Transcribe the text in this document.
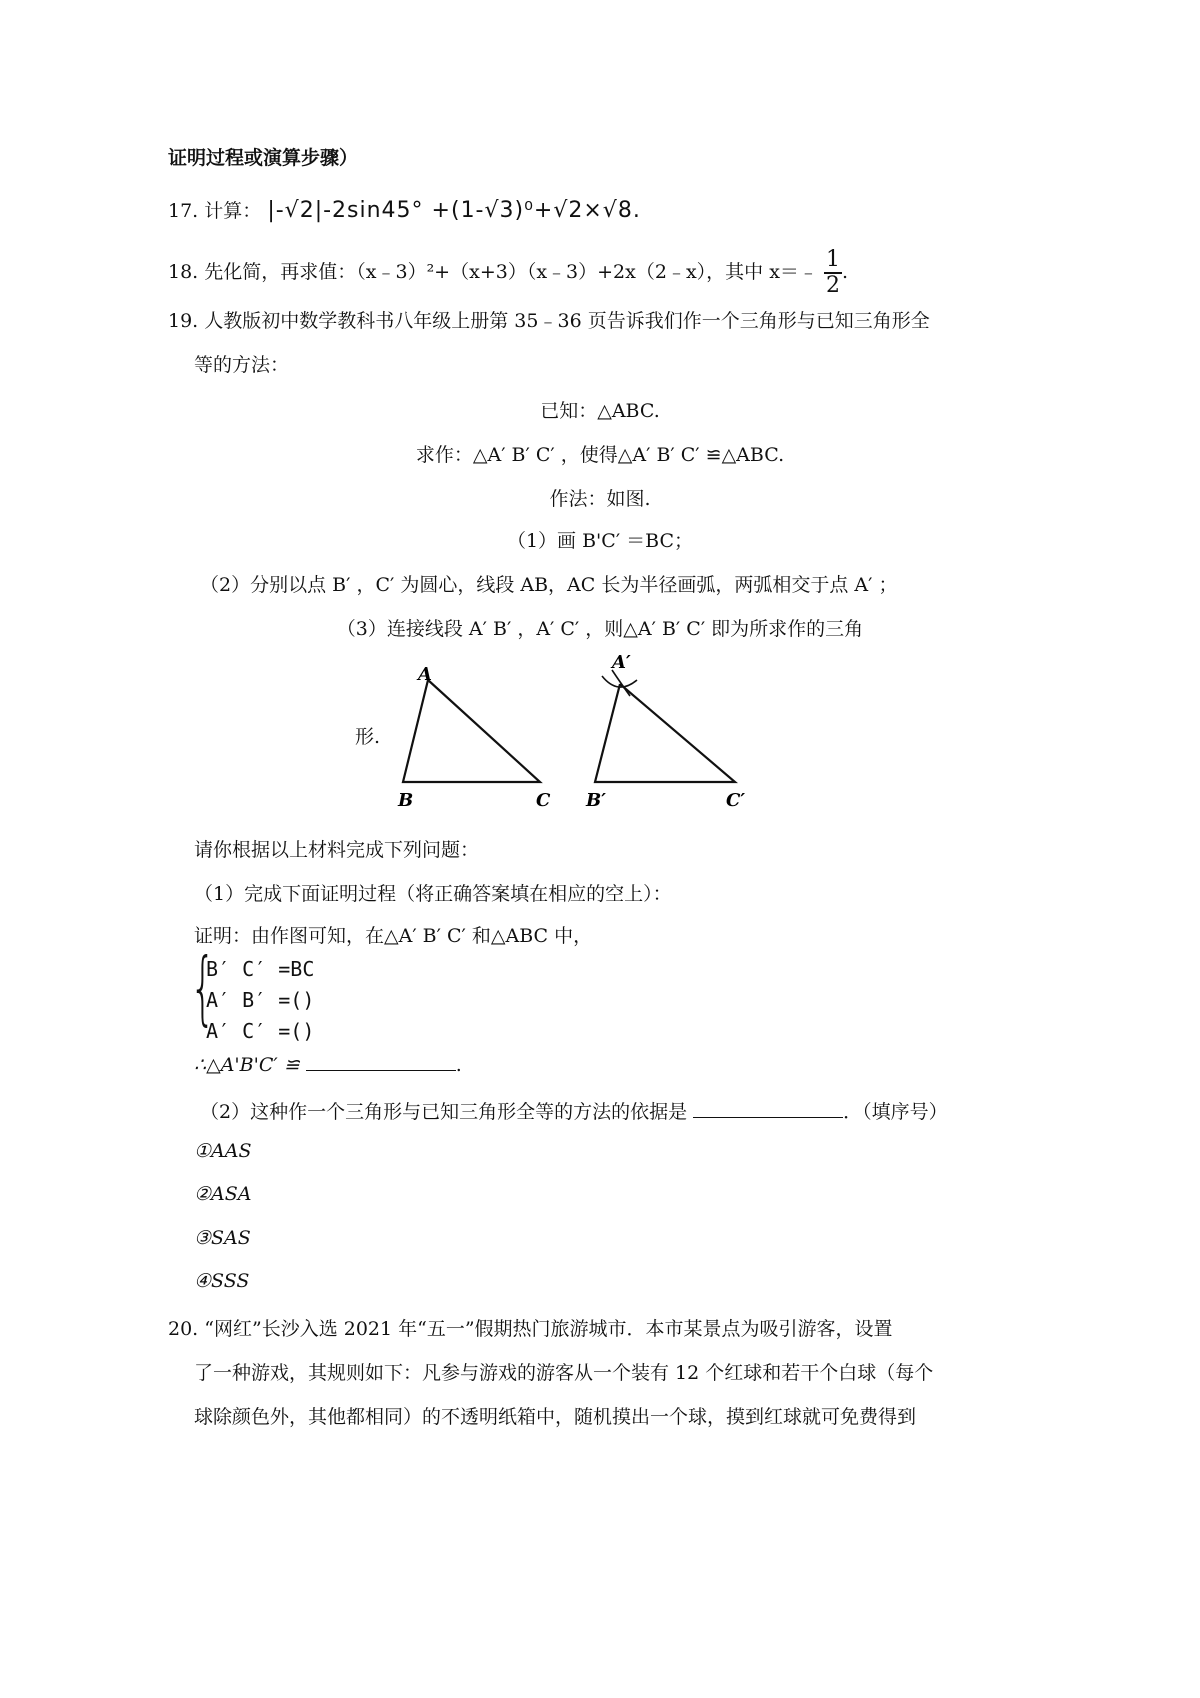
证明过程或演算步骤）
17. 计算： |-√2|-2sin45° +(1-√3)⁰+√2×√8.
18. 先化简，再求值：（x﹣3）²+（x+3）（x﹣3）+2x（2﹣x），其中 x＝﹣ $\frac{1}{2}$ .
19. 人教版初中数学教科书八年级上册第 35﹣36 页告诉我们作一个三角形与已知三角形全
等的方法：
已知：△ABC.
求作：△A′ B′ C′ ，使得△A′ B′ C′ ≌△ABC.
作法：如图.
（1）画 B'C′ ＝BC；
（2）分别以点 B′ ，C′ 为圆心，线段 AB，AC 长为半径画弧，两弧相交于点 A′ ；
（3）连接线段 A′ B′ ，A′ C′ ，则△A′ B′ C′ 即为所求作的三角
形.
A
B	C
A′
B′	C′
请你根据以上材料完成下列问题：
（1）完成下面证明过程（将正确答案填在相应的空上）：
证明：由作图可知，在△A′ B′ C′ 和△ABC 中，
{
B′ C′ =BC
A′ B′ =()
A′ C′ =()
∴△A'B'C′ ≌	.
（2）这种作一个三角形与已知三角形全等的方法的依据是	．（填序号）
①AAS
②ASA
③SAS
④SSS
20. “网红”长沙入选 2021 年“五一”假期热门旅游城市．本市某景点为吸引游客，设置
了一种游戏，其规则如下：凡参与游戏的游客从一个装有 12 个红球和若干个白球（每个
球除颜色外，其他都相同）的不透明纸箱中，随机摸出一个球，摸到红球就可免费得到
